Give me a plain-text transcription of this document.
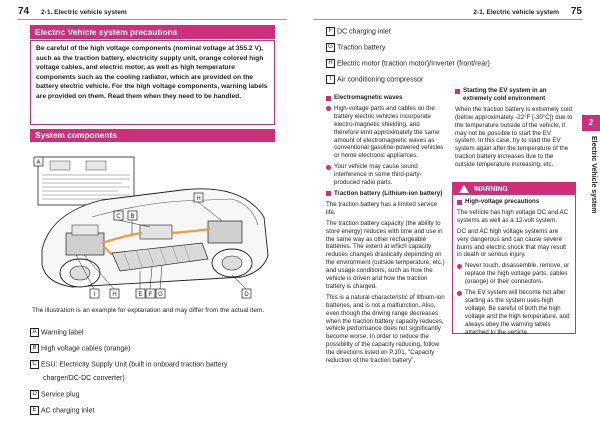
74 2-1. Electric vehicle system	2-1. Electric vehicle system 75
Electric Vehicle system precautions
Be careful of the high voltage components (nominal voltage at 355.2 V), such as the traction battery, electricity supply unit, orange colored high voltage cables, and electric motor, as well as high temperature components such as the cooling radiator, which are provided on the battery electric vehicle. For the high voltage components, warning labels are provided on them. Read them when they need to be handled.
System components
A
B
C
D
E F G
H
H
I
The illustration is an example for explanation and may differ from the actual item.
A Warning label
B High voltage cables (orange)
C ESU: Electricity Supply Unit (built in onboard traction battery
charger/DC-DC converter)
D Service plug
E AC charging inlet
F DC charging inlet
G Traction battery
H Electric motor (traction motor)/Inverter (front/rear)
I Air conditioning compressor
Electromagnetic waves
High-voltage parts and cables on the battery electric vehicles incorporate electro-magnetic shielding, and therefore emit approximately the same amount of electromagnetic waves as conventional gasoline-powered vehicles or home electronic appliances.
Your vehicle may cause sound interference in some third-party-produced radio parts.
Traction battery (Lithium-ion battery)
The traction battery has a limited service life.
The traction battery capacity (the ability to store energy) reduces with time and use in the same way as other rechargeable batteries. The extent at which capacity reduces changes drastically depending on the environment (outside temperature, etc.) and usage conditions, such as how the vehicle is driven and how the traction battery is charged.
This is a natural characteristic of lithium-ion batteries, and is not a malfunction. Also, even though the driving range decreases when the traction battery capacity reduces, vehicle performance does not significantly become worse. In order to reduce the possibility of the capacity reducing, follow the directions listed on P.101, "Capacity reduction of the traction battery".
Starting the EV system in an extremely cold environment
When the traction battery is extremely cold (below approximately -22°F [-30°C]) due to the temperature outside of the vehicle, it may not be possible to start the EV system. In this case, try to start the EV system again after the temperature of the traction battery increases due to the outside temperature increasing, etc.
WARNING
High-voltage precautions
The vehicle has high voltage DC and AC systems as well as a 12-volt system.
DC and AC high voltage systems are very dangerous and can cause severe burns and electric shock that may result in death or serious injury.
Never touch, disassemble, remove, or replace the high voltage parts, cables (orange) or their connectors.
The EV system will become hot after starting as the system uses high voltage. Be careful of both the high voltage and the high temperature, and always obey the warning labels attached to the vehicle.
2
Electric Vehicle system
